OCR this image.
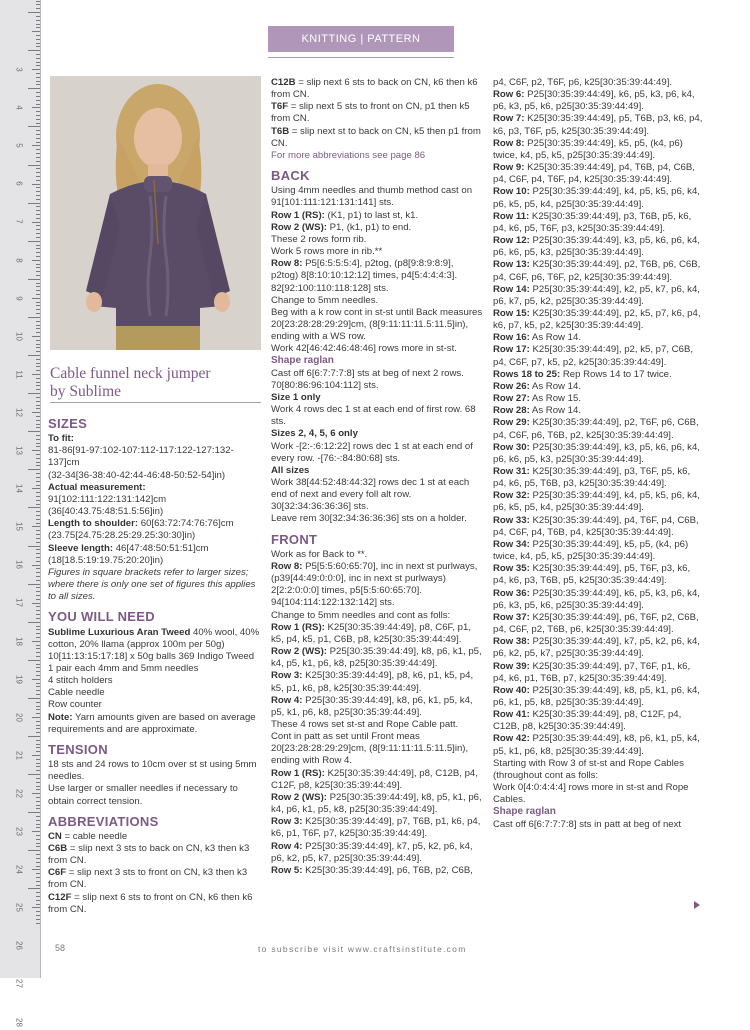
3
4
5
6
7
8
9
10
11
12
13
14
15
16
17
18
19
20
21
22
23
24
25
26
27
28
KNITTING | PATTERN INSTRUCTIONS
Cable funnel neck jumper
by Sublime
SIZES

To fit:

81-86[91-97:102-107:112-117:122-127:132-137]cm

(32-34[36-38:40-42:44-46:48-50:52-54]in)

Actual measurement: 91[102:111:122:131:142]cm

(36[40:43.75:48:51.5:56]in)

Length to shoulder: 60[63:72:74:76:76]cm

(23.75[24.75:28.25:29.25:30:30]in)

Sleeve length: 46[47:48:50:51:51]cm

(18[18.5:19:19.75:20:20]in)

Figures in square brackets refer to larger sizes; where there is only one set of figures this applies to all sizes.

YOU WILL NEED

Sublime Luxurious Aran Tweed 40% wool, 40% cotton, 20% llama (approx 100m per 50g)

10[11:13:15:17:18] x 50g balls 369 Indigo Tweed

1 pair each 4mm and 5mm needles

4 stitch holders

Cable needle

Row counter

Note: Yarn amounts given are based on average requirements and are approximate.

TENSION

18 sts and 24 rows to 10cm over st st using 5mm needles.

Use larger or smaller needles if necessary to obtain correct tension.

ABBREVIATIONS

CN = cable needle

C6B = slip next 3 sts to back on CN, k3 then k3 from CN.

C6F = slip next 3 sts to front on CN, k3 then k3 from CN.

C12F = slip next 6 sts to front on CN, k6 then k6 from CN.

C12B = slip next 6 sts to back on CN, k6 then k6 from CN.

T6F = slip next 5 sts to front on CN, p1 then k5 from CN.

T6B = slip next st to back on CN, k5 then p1 from CN.

For more abbreviations see page 86

BACK

Using 4mm needles and thumb method cast on 91[101:111:121:131:141] sts.

Row 1 (RS): (K1, p1) to last st, k1.

Row 2 (WS): P1, (k1, p1) to end.

These 2 rows form rib.

Work 5 rows more in rib.**

Row 8: P5[6:5:5:5:4], p2tog, (p8[9:8:9:8:9], p2tog) 8[8:10:10:12:12] times, p4[5:4:4:4:3]. 82[92:100:110:118:128] sts.

Change to 5mm needles.

Beg with a k row cont in st-st until Back measures 20[23:28:28:29:29]cm, (8[9:11:11:11.5:11.5]in), ending with a WS row.

Work 42[46:42:46:48:46] rows more in st-st.

Shape raglan

Cast off 6[6:7:7:7:8] sts at beg of next 2 rows. 70[80:86:96:104:112] sts.

Size 1 only

Work 4 rows dec 1 st at each end of first row. 68 sts.

Sizes 2, 4, 5, 6 only

Work -[2:-:6:12:22] rows dec 1 st at each end of every row. -[76:-:84:80:68] sts.

All sizes

Work 38[44:52:48:44:32] rows dec 1 st at each end of next and every foll alt row. 30[32:34:36:36:36] sts.

Leave rem 30[32:34:36:36:36] sts on a holder.

FRONT

Work as for Back to **.

Row 8: P5[5:5:60:65:70], inc in next st purlways, (p39[44:49:0:0:0], inc in next st purlways) 2[2:2:0:0:0] times, p5[5:5:60:65:70]. 94[104:114:122:132:142] sts.

Change to 5mm needles and cont as folls:

Row 1 (RS): K25[30:35:39:44:49], p8, C6F, p1, k5, p4, k5, p1, C6B, p8, k25[30:35:39:44:49].

Row 2 (WS): P25[30:35:39:44:49], k8, p6, k1, p5, k4, p5, k1, p6, k8, p25[30:35:39:44:49].

Row 3: K25[30:35:39:44:49], p8, k6, p1, k5, p4, k5, p1, k6, p8, k25[30:35:39:44:49].

Row 4: P25[30:35:39:44:49], k8, p6, k1, p5, k4, p5, k1, p6, k8, p25[30:35:39:44:49].

These 4 rows set st-st and Rope Cable patt.

Cont in patt as set until Front meas 20[23:28:28:29:29]cm, (8[9:11:11:11.5:11.5]in), ending with Row 4.

Row 1 (RS): K25[30:35:39:44:49], p8, C12B, p4, C12F, p8, k25[30:35:39:44:49].

Row 2 (WS): P25[30:35:39:44:49], k8, p5, k1, p6, k4, p6, k1, p5, k8, p25[30:35:39:44:49].

Row 3: K25[30:35:39:44:49], p7, T6B, p1, k6, p4, k6, p1, T6F, p7, k25[30:35:39:44:49].

Row 4: P25[30:35:39:44:49], k7, p5, k2, p6, k4, p6, k2, p5, k7, p25[30:35:39:44:49].

Row 5: K25[30:35:39:44:49], p6, T6B, p2, C6B,

p4, C6F, p2, T6F, p6, k25[30:35:39:44:49].

Row 6: P25[30:35:39:44:49], k6, p5, k3, p6, k4, p6, k3, p5, k6, p25[30:35:39:44:49].

Row 7: K25[30:35:39:44:49], p5, T6B, p3, k6, p4, k6, p3, T6F, p5, k25[30:35:39:44:49].

Row 8: P25[30:35:39:44:49], k5, p5, (k4, p6) twice, k4, p5, k5, p25[30:35:39:44:49].

Row 9: K25[30:35:39:44:49], p4, T6B, p4, C6B, p4, C6F, p4, T6F, p4, k25[30:35:39:44:49].

Row 10: P25[30:35:39:44:49], k4, p5, k5, p6, k4, p6, k5, p5, k4, p25[30:35:39:44:49].

Row 11: K25[30:35:39:44:49], p3, T6B, p5, k6, p4, k6, p5, T6F, p3, k25[30:35:39:44:49].

Row 12: P25[30:35:39:44:49], k3, p5, k6, p6, k4, p6, k6, p5, k3, p25[30:35:39:44:49].

Row 13: K25[30:35:39:44:49], p2, T6B, p6, C6B, p4, C6F, p6, T6F, p2, k25[30:35:39:44:49].

Row 14: P25[30:35:39:44:49], k2, p5, k7, p6, k4, p6, k7, p5, k2, p25[30:35:39:44:49].

Row 15: K25[30:35:39:44:49], p2, k5, p7, k6, p4, k6, p7, k5, p2, k25[30:35:39:44:49].

Row 16: As Row 14.

Row 17: K25[30:35:39:44:49], p2, k5, p7, C6B, p4, C6F, p7, k5, p2, k25[30:35:39:44:49].

Rows 18 to 25: Rep Rows 14 to 17 twice.

Row 26: As Row 14.

Row 27: As Row 15.

Row 28: As Row 14.

Row 29: K25[30:35:39:44:49], p2, T6F, p6, C6B, p4, C6F, p6, T6B, p2, k25[30:35:39:44:49].

Row 30: P25[30:35:39:44:49], k3, p5, k6, p6, k4, p6, k6, p5, k3, p25[30:35:39:44:49].

Row 31: K25[30:35:39:44:49], p3, T6F, p5, k6, p4, k6, p5, T6B, p3, k25[30:35:39:44:49].

Row 32: P25[30:35:39:44:49], k4, p5, k5, p6, k4, p6, k5, p5, k4, p25[30:35:39:44:49].

Row 33: K25[30:35:39:44:49], p4, T6F, p4, C6B, p4, C6F, p4, T6B, p4, k25[30:35:39:44:49].

Row 34: P25[30:35:39:44:49], k5, p5, (k4, p6) twice, k4, p5, k5, p25[30:35:39:44:49].

Row 35: K25[30:35:39:44:49], p5, T6F, p3, k6, p4, k6, p3, T6B, p5, k25[30:35:39:44:49].

Row 36: P25[30:35:39:44:49], k6, p5, k3, p6, k4, p6, k3, p5, k6, p25[30:35:39:44:49].

Row 37: K25[30:35:39:44:49], p6, T6F, p2, C6B, p4, C6F, p2, T6B, p6, k25[30:35:39:44:49].

Row 38: P25[30:35:39:44:49], k7, p5, k2, p6, k4, p6, k2, p5, k7, p25[30:35:39:44:49].

Row 39: K25[30:35:39:44:49], p7, T6F, p1, k6, p4, k6, p1, T6B, p7, k25[30:35:39:44:49].

Row 40: P25[30:35:39:44:49], k8, p5, k1, p6, k4, p6, k1, p5, k8, p25[30:35:39:44:49].

Row 41: K25[30:35:39:44:49], p8, C12F, p4, C12B, p8, k25[30:35:39:44:49].

Row 42: P25[30:35:39:44:49], k8, p6, k1, p5, k4, p5, k1, p6, k8, p25[30:35:39:44:49].

Starting with Row 3 of st-st and Rope Cables (throughout cont as folls:

Work 0[4:0:4:4:4] rows more in st-st and Rope Cables.

Shape raglan

Cast off 6[6:7:7:7:8] sts in patt at beg of next

58	to subscribe visit www.craftsinstitute.com
